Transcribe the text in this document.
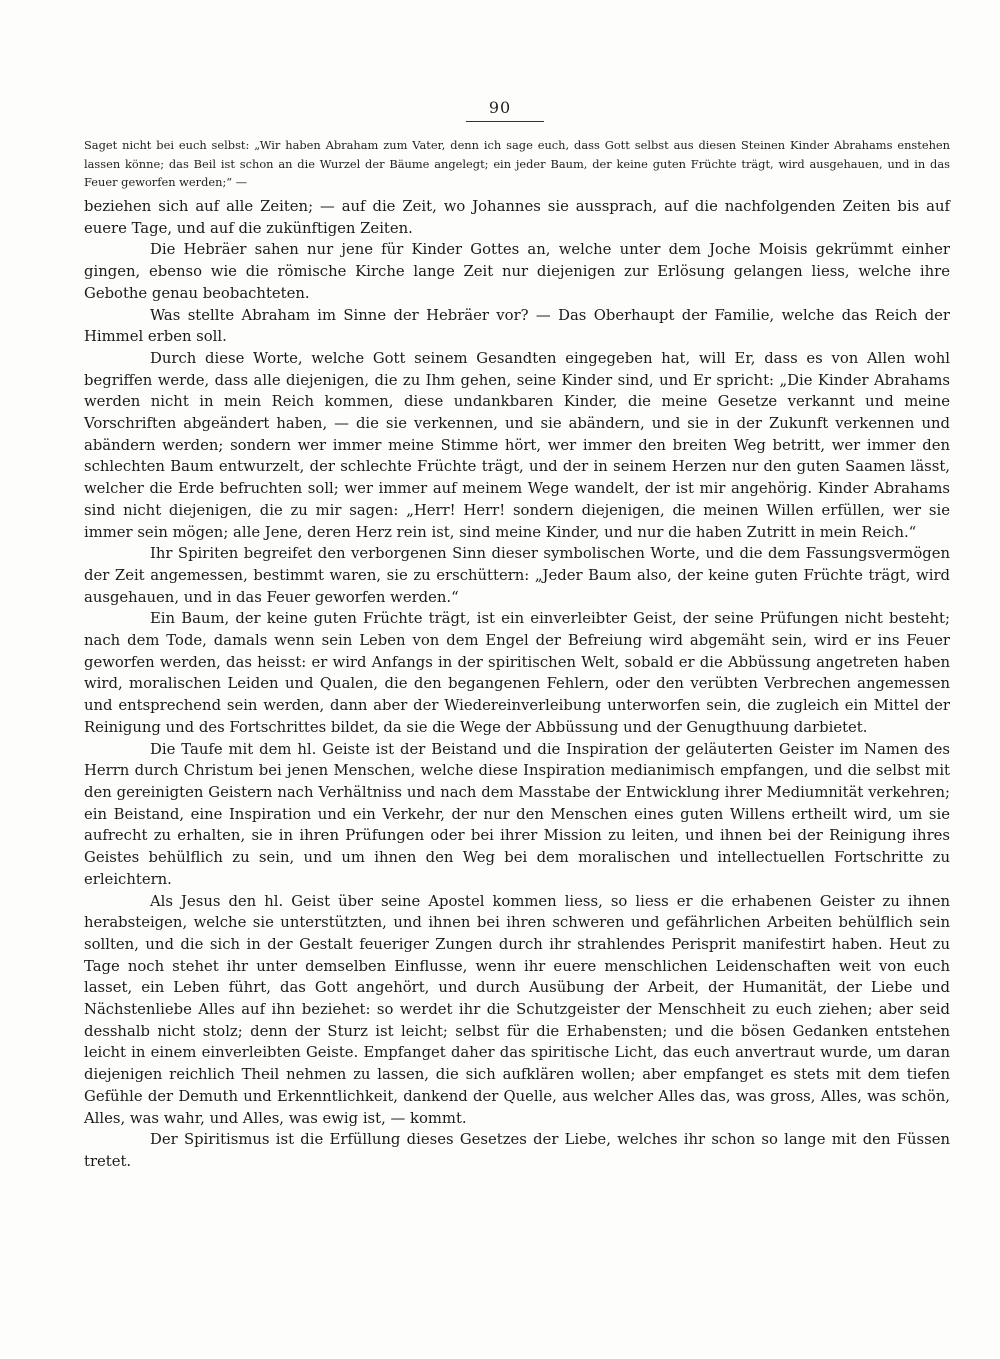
90
Saget nicht bei euch selbst: „Wir haben Abraham zum Vater, denn ich sage euch, dass Gott selbst aus diesen Steinen Kinder Abrahams enstehen lassen könne; das Beil ist schon an die Wurzel der Bäume angelegt; ein jeder Baum, der keine guten Früchte trägt, wird ausgehauen, und in das Feuer geworfen werden;“ —

beziehen sich auf alle Zeiten; — auf die Zeit, wo Johannes sie aussprach, auf die nachfolgenden Zeiten bis auf euere Tage, und auf die zukünftigen Zeiten.

Die Hebräer sahen nur jene für Kinder Gottes an, welche unter dem Joche Moisis gekrümmt einher gingen, ebenso wie die römische Kirche lange Zeit nur diejenigen zur Erlösung gelangen liess, welche ihre Gebothe genau beobachteten.

Was stellte Abraham im Sinne der Hebräer vor? — Das Oberhaupt der Familie, welche das Reich der Himmel erben soll.

Durch diese Worte, welche Gott seinem Gesandten eingegeben hat, will Er, dass es von Allen wohl begriffen werde, dass alle diejenigen, die zu Ihm gehen, seine Kinder sind, und Er spricht: „Die Kinder Abrahams werden nicht in mein Reich kommen, diese undankbaren Kinder, die meine Gesetze verkannt und meine Vorschriften abgeändert haben, — die sie verkennen, und sie abändern, und sie in der Zukunft verkennen und abändern werden; sondern wer immer meine Stimme hört, wer immer den breiten Weg betritt, wer immer den schlechten Baum entwurzelt, der schlechte Früchte trägt, und der in seinem Herzen nur den guten Saamen lässt, welcher die Erde befruchten soll; wer immer auf meinem Wege wandelt, der ist mir angehörig. Kinder Abrahams sind nicht diejenigen, die zu mir sagen: „Herr! Herr! sondern diejenigen, die meinen Willen erfüllen, wer sie immer sein mögen; alle Jene, deren Herz rein ist, sind meine Kinder, und nur die haben Zutritt in mein Reich.“

Ihr Spiriten begreifet den verborgenen Sinn dieser symbolischen Worte, und die dem Fassungsvermögen der Zeit angemessen, bestimmt waren, sie zu erschüttern: „Jeder Baum also, der keine guten Früchte trägt, wird ausgehauen, und in das Feuer geworfen werden.“

Ein Baum, der keine guten Früchte trägt, ist ein einverleibter Geist, der seine Prüfungen nicht besteht; nach dem Tode, damals wenn sein Leben von dem Engel der Befreiung wird abgemäht sein, wird er ins Feuer geworfen werden, das heisst: er wird Anfangs in der spiritischen Welt, sobald er die Abbüssung angetreten haben wird, moralischen Leiden und Qualen, die den begangenen Fehlern, oder den verübten Verbrechen angemessen und entsprechend sein werden, dann aber der Wiedereinverleibung unterworfen sein, die zugleich ein Mittel der Reinigung und des Fortschrittes bildet, da sie die Wege der Abbüssung und der Genugthuung darbietet.

Die Taufe mit dem hl. Geiste ist der Beistand und die Inspiration der geläuterten Geister im Namen des Herrn durch Christum bei jenen Menschen, welche diese Inspiration medianimisch empfangen, und die selbst mit den gereinigten Geistern nach Verhältniss und nach dem Masstabe der Entwicklung ihrer Mediumnität verkehren; ein Beistand, eine Inspiration und ein Verkehr, der nur den Menschen eines guten Willens ertheilt wird, um sie aufrecht zu erhalten, sie in ihren Prüfungen oder bei ihrer Mission zu leiten, und ihnen bei der Reinigung ihres Geistes behülflich zu sein, und um ihnen den Weg bei dem moralischen und intellectuellen Fortschritte zu erleichtern.

Als Jesus den hl. Geist über seine Apostel kommen liess, so liess er die erhabenen Geister zu ihnen herabsteigen, welche sie unterstützten, und ihnen bei ihren schweren und gefährlichen Arbeiten behülflich sein sollten, und die sich in der Gestalt feueriger Zungen durch ihr strahlendes Perisprit manifestirt haben. Heut zu Tage noch stehet ihr unter demselben Einflusse, wenn ihr euere menschlichen Leidenschaften weit von euch lasset, ein Leben führt, das Gott angehört, und durch Ausübung der Arbeit, der Humanität, der Liebe und Nächstenliebe Alles auf ihn beziehet: so werdet ihr die Schutzgeister der Menschheit zu euch ziehen; aber seid desshalb nicht stolz; denn der Sturz ist leicht; selbst für die Erhabensten; und die bösen Gedanken entstehen leicht in einem einverleibten Geiste. Empfanget daher das spiritische Licht, das euch anvertraut wurde, um daran diejenigen reichlich Theil nehmen zu lassen, die sich aufklären wollen; aber empfanget es stets mit dem tiefen Gefühle der Demuth und Erkenntlichkeit, dankend der Quelle, aus welcher Alles das, was gross, Alles, was schön, Alles, was wahr, und Alles, was ewig ist, — kommt.

Der Spiritismus ist die Erfüllung dieses Gesetzes der Liebe, welches ihr schon so lange mit den Füssen tretet.
